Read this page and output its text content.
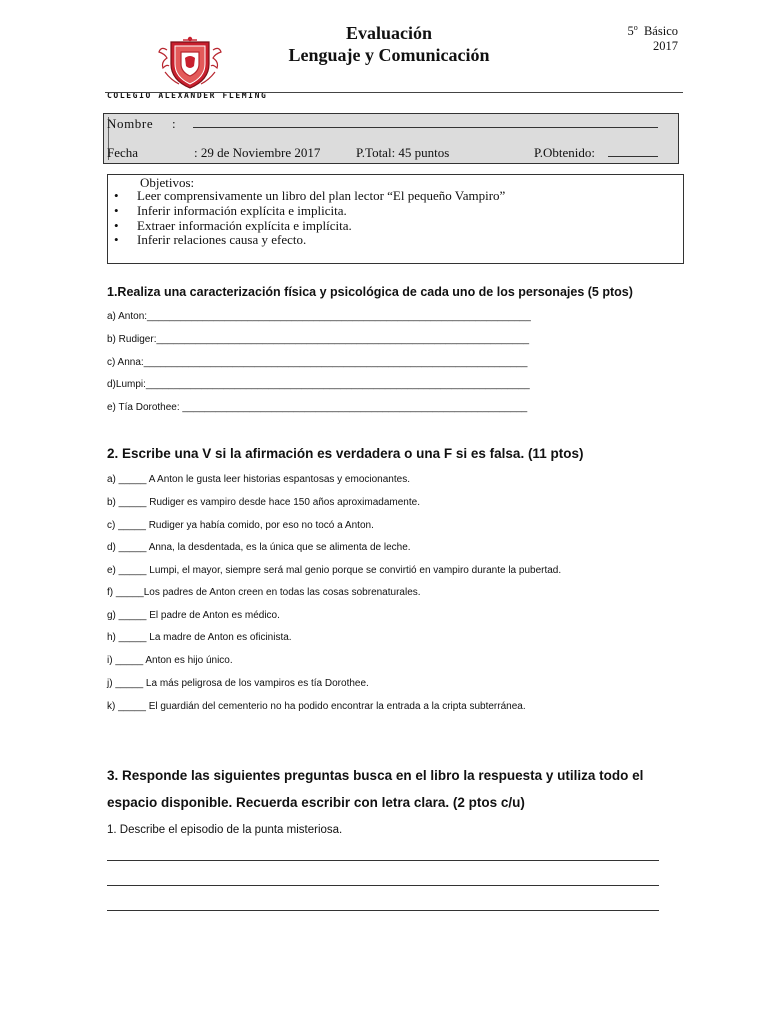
Evaluación
Lenguaje y Comunicación
5$^o$ Básico
2017
COLEGIO ALEXANDER FLEMING
Nombre :
Fecha	: 29 de Noviembre 2017	P.Total: 45 puntos	P.Obtenido:
Objetivos:
• Leer comprensivamente un libro del plan lector “El pequeño Vampiro”
• Inferir información explícita e implicita.
• Extraer información explícita e implícita.
• Inferir relaciones causa y efecto.
1.Realiza una caracterización física y psicológica de cada uno de los personajes (5 ptos)
a) Anton:_____________________________________________________________________
b) Rudiger:___________________________________________________________________
c) Anna:_____________________________________________________________________
d)Lumpi:_____________________________________________________________________
e) Tía Dorothee: ______________________________________________________________
2. Escribe una V si la afirmación es verdadera o una F si es falsa. (11 ptos)
a) _____ A Anton le gusta leer historias espantosas y emocionantes.
b) _____ Rudiger es vampiro desde hace 150 años aproximadamente.
c) _____ Rudiger ya había comido, por eso no tocó a Anton.
d) _____ Anna, la desdentada, es la única que se alimenta de leche.
e) _____ Lumpi, el mayor, siempre será mal genio porque se convirtió en vampiro durante la pubertad.
f) _____Los padres de Anton creen en todas las cosas sobrenaturales.
g) _____ El padre de Anton es médico.
h) _____ La madre de Anton es oficinista.
i) _____ Anton es hijo único.
j) _____ La más peligrosa de los vampiros es tía Dorothee.
k) _____ El guardián del cementerio no ha podido encontrar la entrada a la cripta subterránea.
3. Responde las siguientes preguntas busca en el libro la respuesta y utiliza todo el
espacio disponible. Recuerda escribir con letra clara. (2 ptos c/u)
1. Describe el episodio de la punta misteriosa.
